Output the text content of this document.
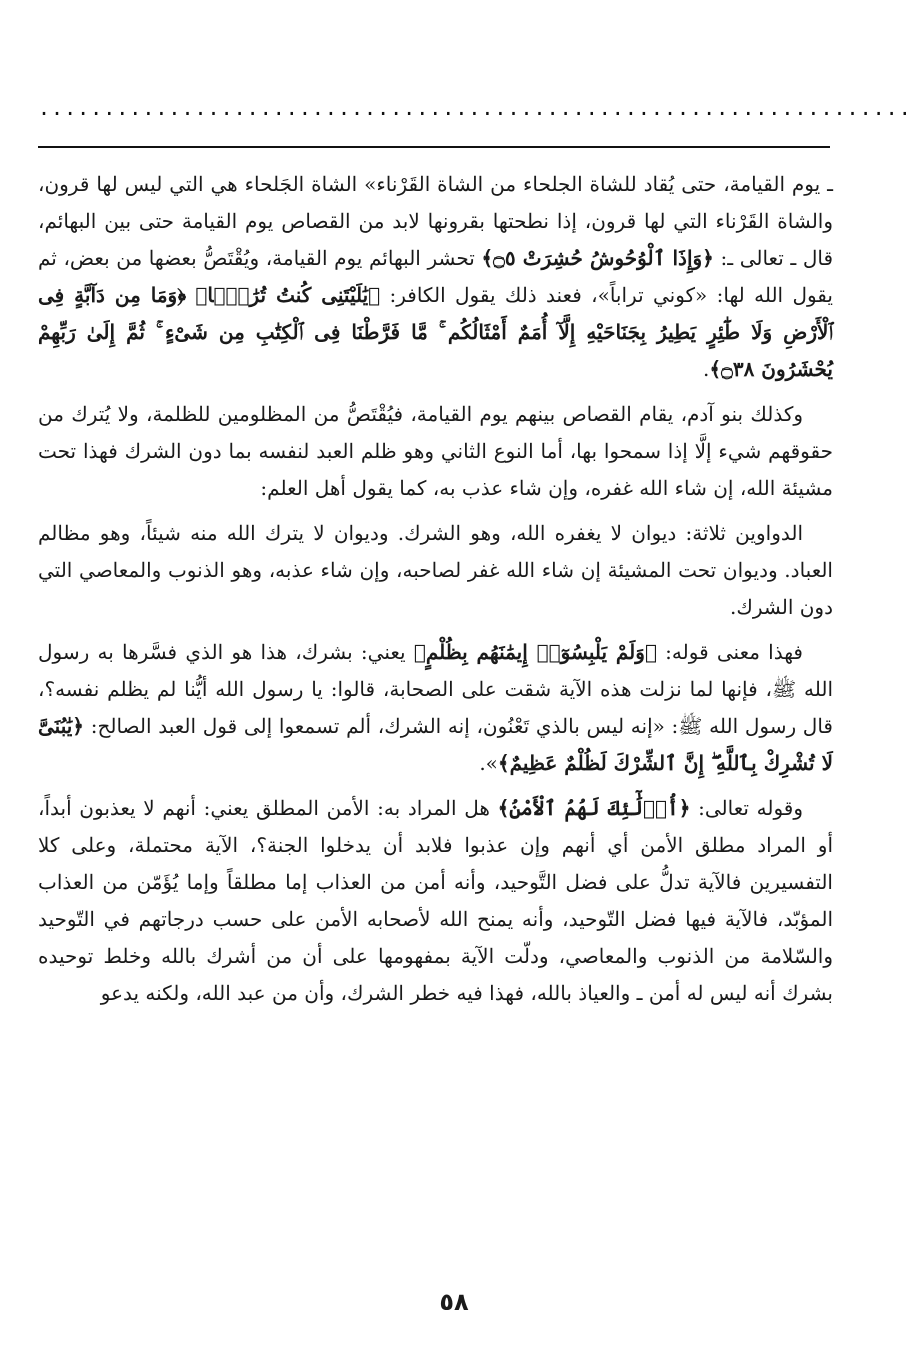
...................................................................

ـ يوم القيامة، حتى يُقاد للشاة الجلحاء من الشاة القَرْناء» الشاة الجَلحاء هي التي ليس لها قرون، والشاة القَرْناء التي لها قرون، إذا نطحتها بقرونها لابد من القصاص يوم القيامة حتى بين البهائم، قال ـ تعالى ـ: ﴿وَإِذَا ٱلْوُحُوشُ حُشِرَتْ ۝٥﴾ تحشر البهائم يوم القيامة، ويُقْتَصُّ بعضها من بعض، ثم يقول الله لها: «كوني تراباً»، فعند ذلك يقول الكافر: ﴿يَٰلَيْتَنِى كُنتُ تُرَٰبًۢا﴾ ﴿وَمَا مِن دَآبَّةٍ فِى ٱلْأَرْضِ وَلَا طَٰٓئِرٍ يَطِيرُ بِجَنَاحَيْهِ إِلَّآ أُمَمٌ أَمْثَالُكُم ۚ مَّا فَرَّطْنَا فِى ٱلْكِتَٰبِ مِن شَىْءٍ ۚ ثُمَّ إِلَىٰ رَبِّهِمْ يُحْشَرُونَ ۝٣٨﴾.

وكذلك بنو آدم، يقام القصاص بينهم يوم القيامة، فيُقْتَصُّ من المظلومين للظلمة، ولا يُترك من حقوقهم شيء إلَّا إذا سمحوا بها، أما النوع الثاني وهو ظلم العبد لنفسه بما دون الشرك فهذا تحت مشيئة الله، إن شاء الله غفره، وإن شاء عذب به، كما يقول أهل العلم:

الدواوين ثلاثة: ديوان لا يغفره الله، وهو الشرك. وديوان لا يترك الله منه شيئاً، وهو مظالم العباد. وديوان تحت المشيئة إن شاء الله غفر لصاحبه، وإن شاء عذبه، وهو الذنوب والمعاصي التي دون الشرك.

فهذا معنى قوله: ﴿وَلَمْ يَلْبِسُوٓا۟ إِيمَٰنَهُم بِظُلْمٍ﴾ يعني: بشرك، هذا هو الذي فسَّرها به رسول الله ﷺ، فإنها لما نزلت هذه الآية شقت على الصحابة، قالوا: يا رسول الله أيُّنا لم يظلم نفسه؟، قال رسول الله ﷺ: «إنه ليس بالذي تَعْنُون، إنه الشرك، ألم تسمعوا إلى قول العبد الصالح: ﴿يَٰبُنَىَّ لَا تُشْرِكْ بِٱللَّهِ ۖ إِنَّ ٱلشِّرْكَ لَظُلْمٌ عَظِيمٌ﴾».

وقوله تعالى: ﴿أُو۟لَٰٓئِكَ لَهُمُ ٱلْأَمْنُ﴾ هل المراد به: الأمن المطلق يعني: أنهم لا يعذبون أبداً، أو المراد مطلق الأمن أي أنهم وإن عذبوا فلابد أن يدخلوا الجنة؟، الآية محتملة، وعلى كلا التفسيرين فالآية تدلُّ على فضل التَّوحيد، وأنه أمن من العذاب إما مطلقاً وإما يُؤَمّن من العذاب المؤبّد، فالآية فيها فضل التّوحيد، وأنه يمنح الله لأصحابه الأمن على حسب درجاتهم في التّوحيد والسّلامة من الذنوب والمعاصي، ودلّت الآية بمفهومها على أن من أشرك بالله وخلط توحيده بشرك أنه ليس له أمن ـ والعياذ بالله، فهذا فيه خطر الشرك، وأن من عبد الله، ولكنه يدعو

٥٨
